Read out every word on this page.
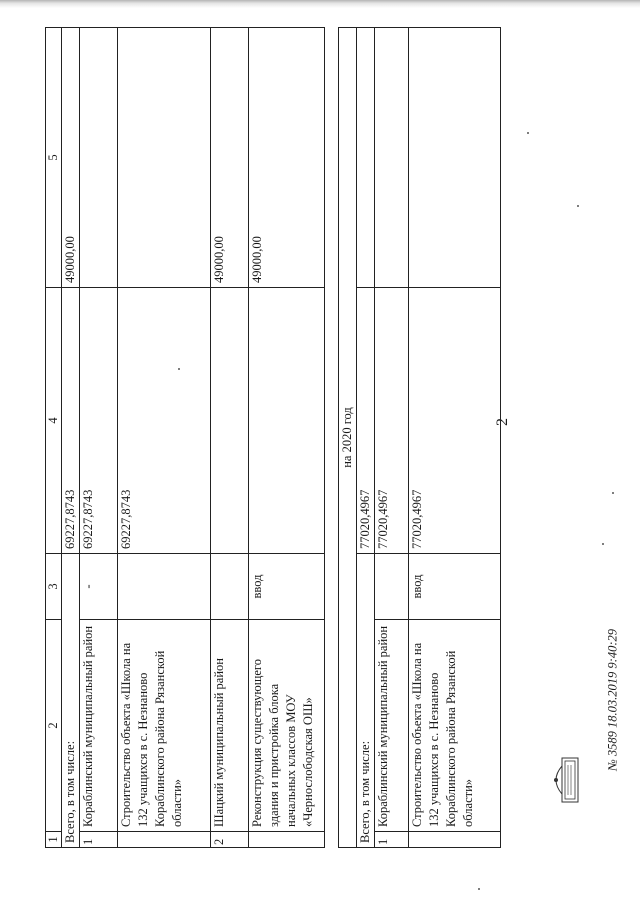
2
1	2	3	4	5
Всего, в том числе:			69227,8743	49000,00
1	Кораблинский муниципальный район	-	69227,8743	
	Строительство объекта «Школа на 132 учащихся в с. Незнаново Кораблинского района Рязанской области»		69227,8743	
2	Шацкий муниципальный район			49000,00
	Реконструкция существующего здания и пристройка блока начальных классов МОУ «Чернослободская ОШ»	ввод		49000,00

на 2020 год				
Всего, в том числе:			77020,4967	
1	Кораблинский муниципальный район		77020,4967	
	Строительство объекта «Школа на 132 учащихся в с. Незнаново Кораблинского района Рязанской области»	ввод	77020,4967	
№ 3589 18.03.2019 9:40:29
